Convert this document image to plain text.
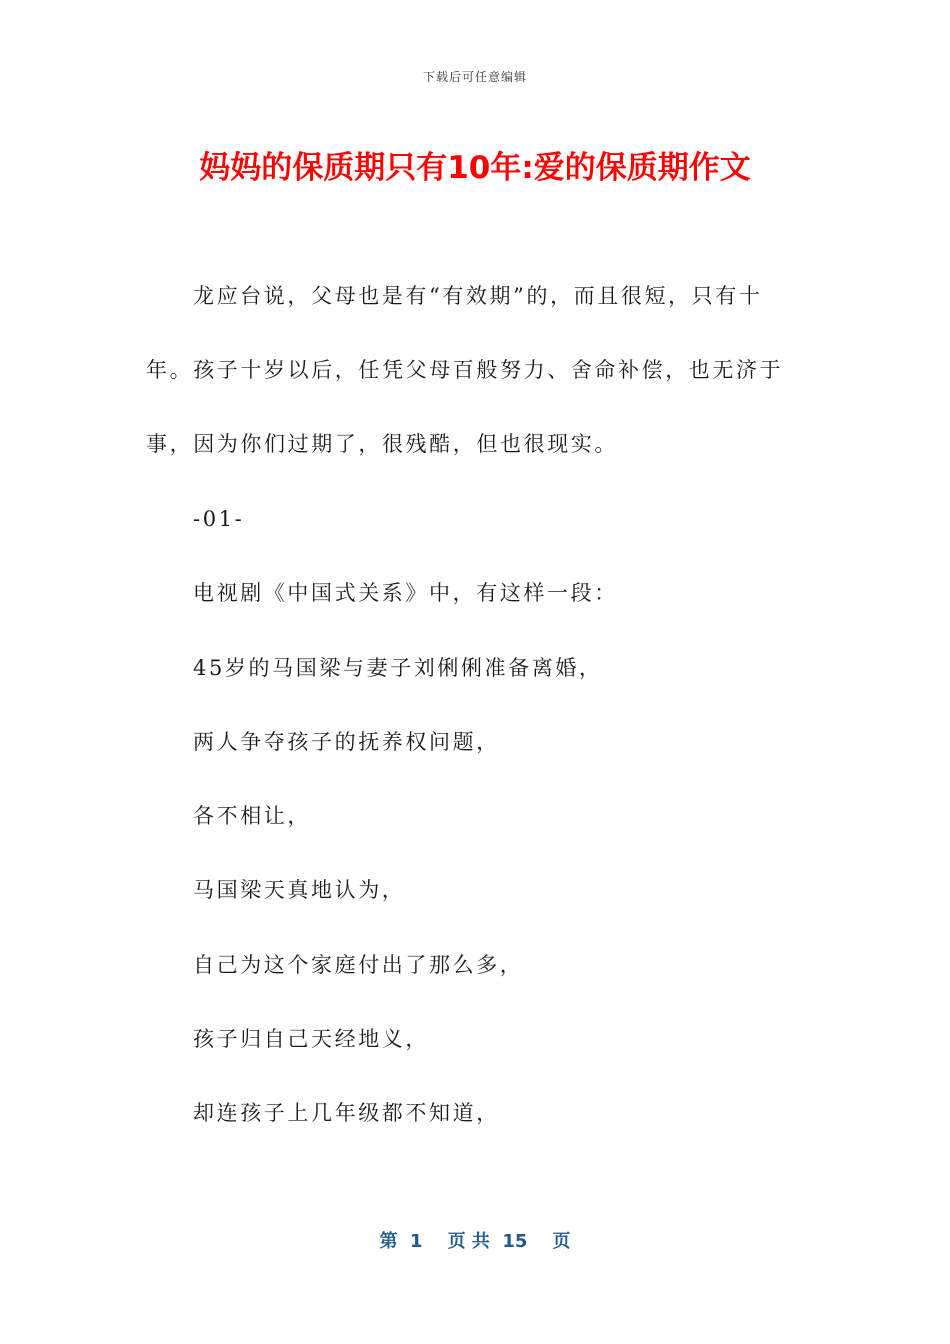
下载后可任意编辑
妈妈的保质期只有10年:爱的保质期作文
龙应台说，父母也是有“有效期”的，而且很短，只有十
年。孩子十岁以后，任凭父母百般努力、舍命补偿，也无济于
事，因为你们过期了，很残酷，但也很现实。
-01-
电视剧《中国式关系》中，有这样一段：
45岁的马国梁与妻子刘俐俐准备离婚，
两人争夺孩子的抚养权问题，
各不相让，
马国梁天真地认为，
自己为这个家庭付出了那么多，
孩子归自己天经地义，
却连孩子上几年级都不知道，
第  1    页 共  15    页
